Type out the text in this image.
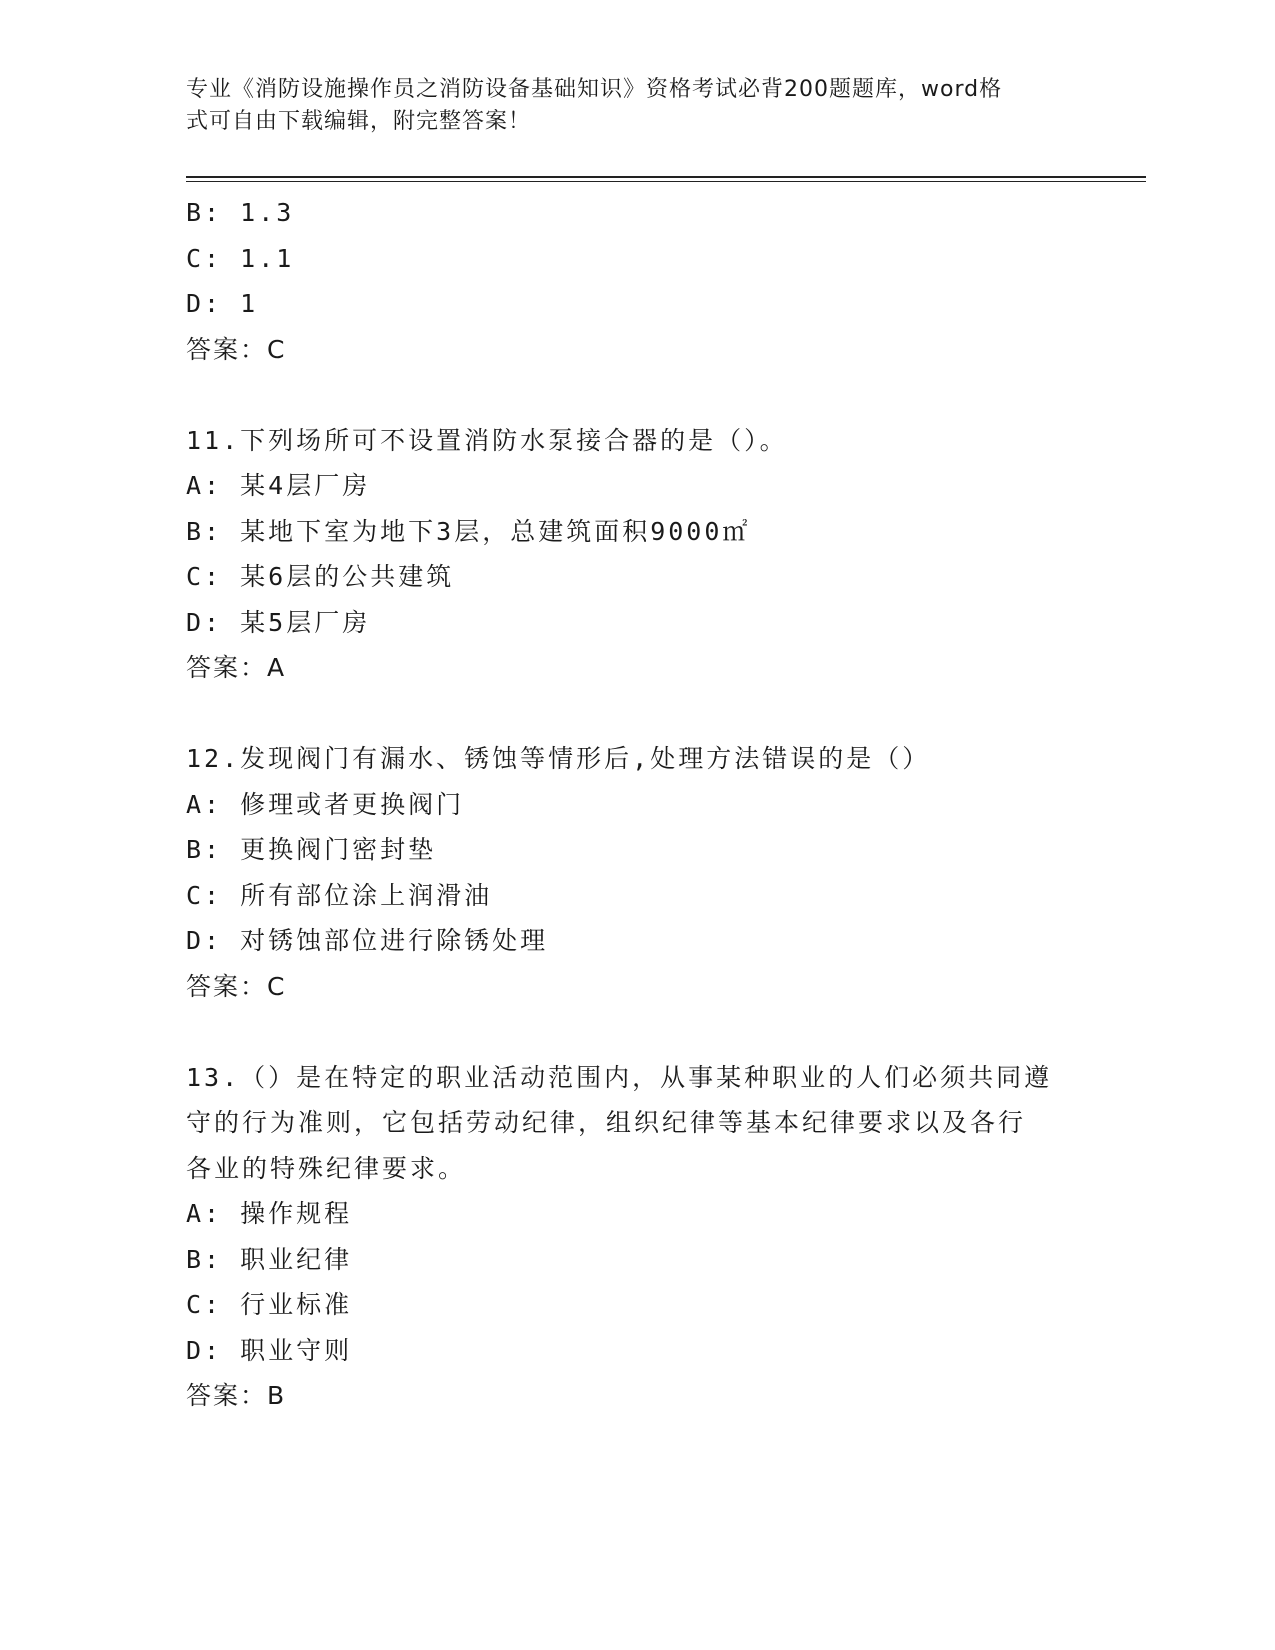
专业《消防设施操作员之消防设备基础知识》资格考试必背200题题库，word格
式可自由下载编辑，附完整答案！
B: 1.3
C: 1.1
D: 1
答案：C
11.下列场所可不设置消防水泵接合器的是（）。
A: 某4层厂房
B: 某地下室为地下3层，总建筑面积9000㎡
C: 某6层的公共建筑
D: 某5层厂房
答案：A
12.发现阀门有漏水、锈蚀等情形后,处理方法错误的是（）
A: 修理或者更换阀门
B: 更换阀门密封垫
C: 所有部位涂上润滑油
D: 对锈蚀部位进行除锈处理
答案：C
13.（）是在特定的职业活动范围内，从事某种职业的人们必须共同遵
守的行为准则，它包括劳动纪律，组织纪律等基本纪律要求以及各行
各业的特殊纪律要求。
A: 操作规程
B: 职业纪律
C: 行业标准
D: 职业守则
答案：B
